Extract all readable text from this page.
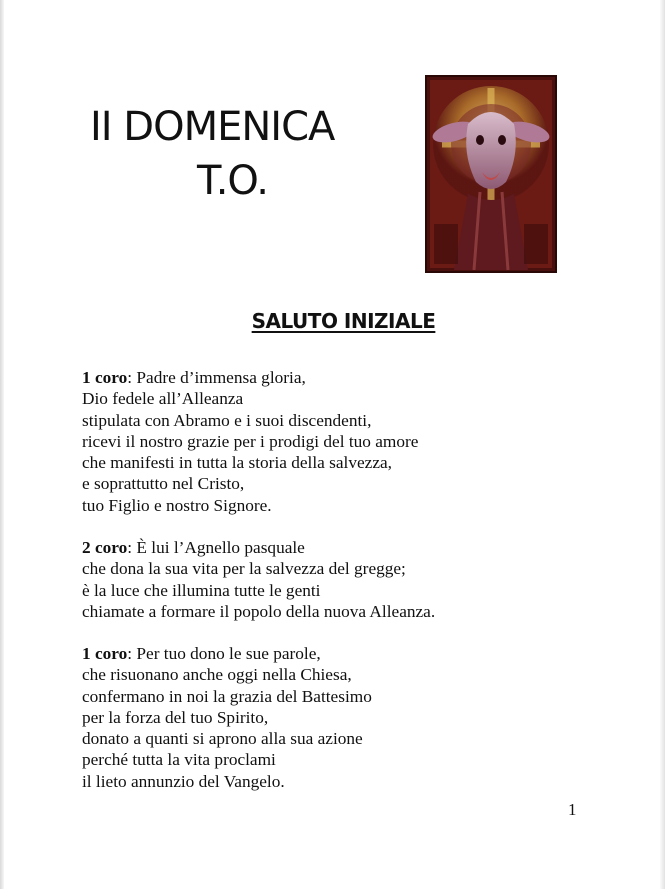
II DOMENICA
T.O.
SALUTO INIZIALE
1 coro: Padre d’immensa gloria,
Dio fedele all’Alleanza
stipulata con Abramo e i suoi discendenti,
ricevi il nostro grazie per i prodigi del tuo amore
che manifesti in tutta la storia della salvezza,
e soprattutto nel Cristo,
tuo Figlio e nostro Signore.
2 coro: È lui l’Agnello pasquale
che dona la sua vita per la salvezza del gregge;
è la luce che illumina tutte le genti
chiamate a formare il popolo della nuova Alleanza.
1 coro: Per tuo dono le sue parole,
che risuonano anche oggi nella Chiesa,
confermano in noi la grazia del Battesimo
per la forza del tuo Spirito,
donato a quanti si aprono alla sua azione
perché tutta la vita proclami
il lieto annunzio del Vangelo.
1
